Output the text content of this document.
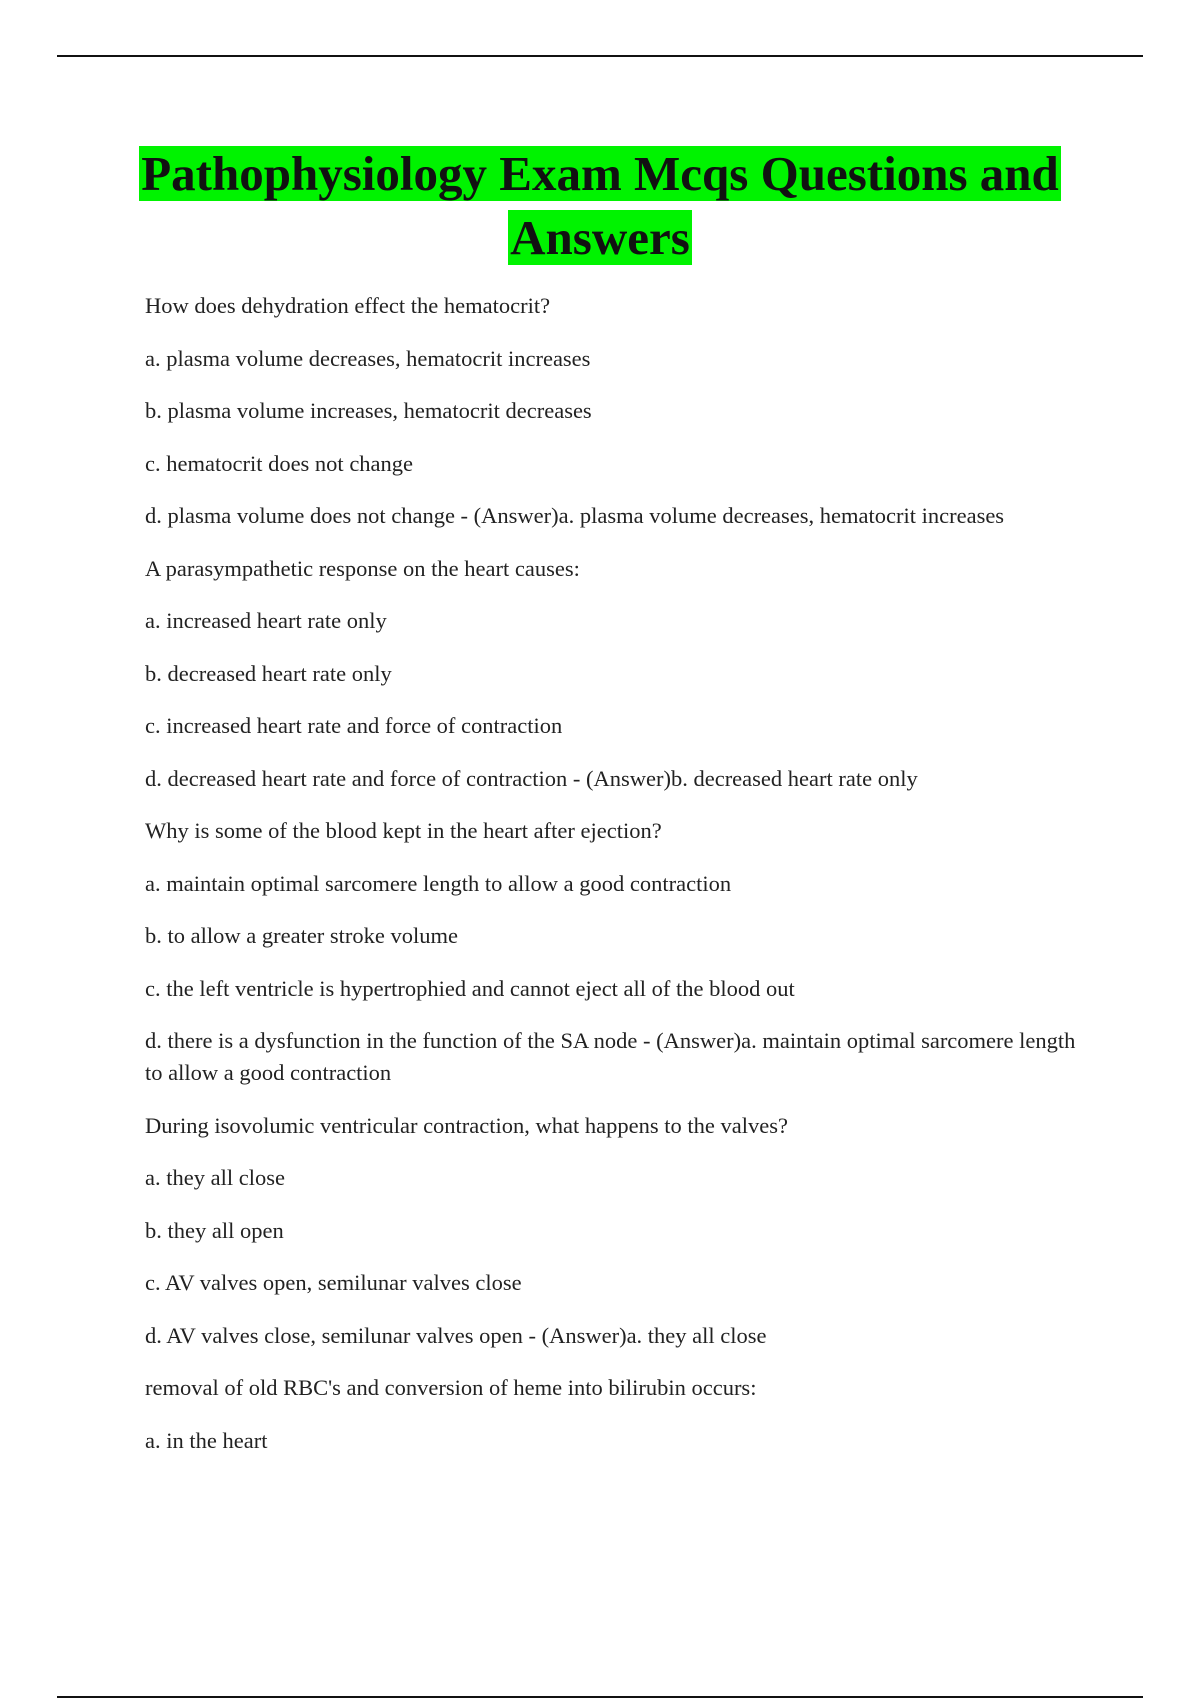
Pathophysiology Exam Mcqs Questions and Answers

How does dehydration effect the hematocrit?

a. plasma volume decreases, hematocrit increases

b. plasma volume increases, hematocrit decreases

c. hematocrit does not change

d. plasma volume does not change - (Answer)a. plasma volume decreases, hematocrit increases

A parasympathetic response on the heart causes:

a. increased heart rate only

b. decreased heart rate only

c. increased heart rate and force of contraction

d. decreased heart rate and force of contraction - (Answer)b. decreased heart rate only

Why is some of the blood kept in the heart after ejection?

a. maintain optimal sarcomere length to allow a good contraction

b. to allow a greater stroke volume

c. the left ventricle is hypertrophied and cannot eject all of the blood out

d. there is a dysfunction in the function of the SA node - (Answer)a. maintain optimal sarcomere length to allow a good contraction

During isovolumic ventricular contraction, what happens to the valves?

a. they all close

b. they all open

c. AV valves open, semilunar valves close

d. AV valves close, semilunar valves open - (Answer)a. they all close

removal of old RBC's and conversion of heme into bilirubin occurs:

a. in the heart
